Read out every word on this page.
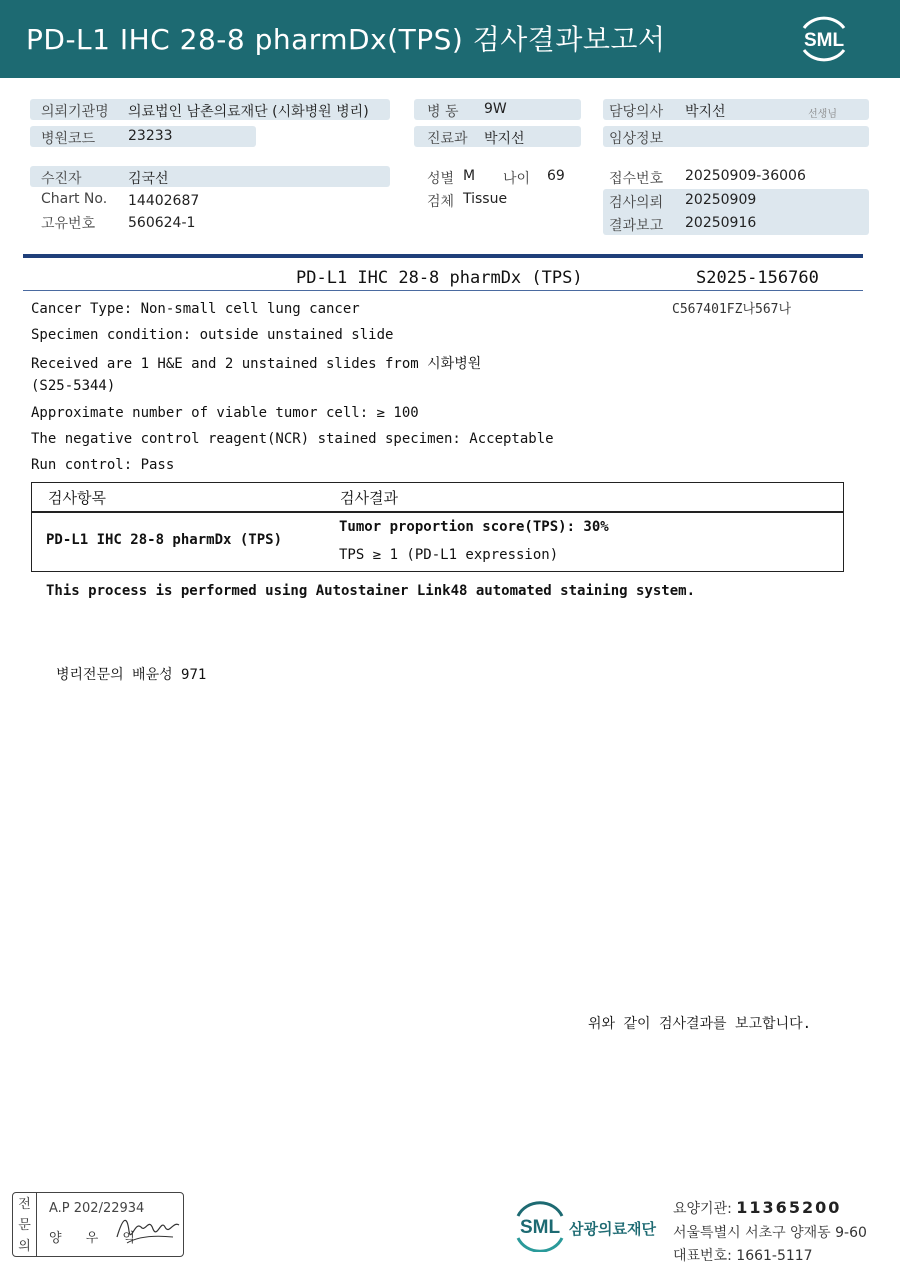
PD-L1 IHC 28-8 pharmDx(TPS) 검사결과보고서	SML
의뢰기관명 의료법인 남촌의료재단 (시화병원 병리)	병 동 9W	담당의사 박지선	선생님
병원코드 23233	진료과 박지선	임상정보
수진자	김국선	성별 M 나이 69	접수번호 20250909-36006
Chart No. 14402687	검체 Tissue	검사의뢰 20250909
고유번호 560624-1	결과보고 20250916
PD-L1 IHC 28-8 pharmDx (TPS)	S2025-156760
C567401FZ나567나
Cancer Type: Non-small cell lung cancer
Specimen condition: outside unstained slide
Received are 1 H&E and 2 unstained slides from 시화병원
(S25-5344)
Approximate number of viable tumor cell: ≥ 100
The negative control reagent(NCR) stained specimen: Acceptable
Run control: Pass
검사항목	검사결과
PD-L1 IHC 28-8 pharmDx (TPS)
Tumor proportion score(TPS): 30%
TPS ≥ 1 (PD-L1 expression)
This process is performed using Autostainer Link48 automated staining system.
병리전문의 배윤성 971
위와 같이 검사결과를 보고합니다.
전
문
의
A.P 202/22934
양 우 익
SML 삼광의료재단
요양기관: 11365200
서울특별시 서초구 양재동 9-60
대표번호: 1661-5117
